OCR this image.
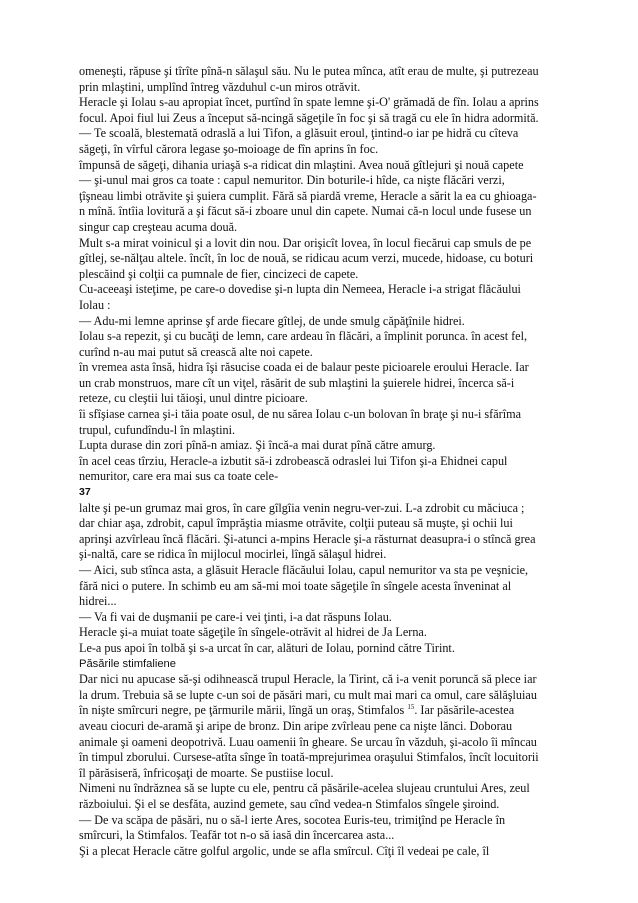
omeneşti, răpuse şi tîrîte pînă-n sălaşul său. Nu le putea mînca, atît erau de multe, şi putrezeau
prin mlaştini, umplînd întreg văzduhul c-un miros otrăvit.
Heracle şi Iolau s-au apropiat încet, purtînd în spate lemne şi-O' grămadă de fîn. Iolau a aprins
focul. Apoi fiul lui Zeus a început să-ncingă săgeţile în foc şi să tragă cu ele în hidra adormită.
— Te scoală, blestemată odraslă a lui Tifon, a glăsuit eroul, ţintind-o iar pe hidră cu cîteva
săgeţi, în vîrful cărora legase şo-moioage de fîn aprins în foc.
împunsă de săgeţi, dihania uriaşă s-a ridicat din mlaştini. Avea nouă gîtlejuri şi nouă capete
— şi-unul mai gros ca toate : capul nemuritor. Din boturile-i hîde, ca nişte flăcări verzi,
ţîşneau limbi otrăvite şi şuiera cumplit. Fără să piardă vreme, Heracle a sărit la ea cu ghioaga-
n mînă. întîia lovitură a şi făcut să-i zboare unul din capete. Numai că-n locul unde fusese un
singur cap creşteau acuma două.
Mult s-a mirat voinicul şi a lovit din nou. Dar orişicît lovea, în locul fiecărui cap smuls de pe
gîtlej, se-nălţau altele. încît, în loc de nouă, se ridicau acum verzi, mucede, hidoase, cu boturi
plescăind şi colţii ca pumnale de fier, cincizeci de capete.
Cu-aceeaşi isteţime, pe care-o dovedise şi-n lupta din Nemeea, Heracle i-a strigat flăcăului
Iolau :
— Adu-mi lemne aprinse şf arde fiecare gîtlej, de unde smulg căpăţînile hidrei.
Iolau s-a repezit, şi cu bucăţi de lemn, care ardeau în flăcări, a împlinit porunca. în acest fel,
curînd n-au mai putut să crească alte noi capete.
în vremea asta însă, hidra îşi răsucise coada ei de balaur peste picioarele eroului Heracle. Iar
un crab monstruos, mare cît un viţel, răsărit de sub mlaştini la şuierele hidrei, încerca să-i
reteze, cu cleştii lui tăioşi, unul dintre picioare.
îi sfîşiase carnea şi-i tăia poate osul, de nu sărea Iolau c-un bolovan în braţe şi nu-i sfărîma
trupul, cufundîndu-l în mlaştini.
Lupta durase din zori pînă-n amiaz. Şi încă-a mai durat pînă către amurg.
în acel ceas tîrziu, Heracle-a izbutit să-i zdrobească odraslei lui Tifon şi-a Ehidnei capul
nemuritor, care era mai sus ca toate cele-
37
lalte şi pe-un grumaz mai gros, în care gîlgîia venin negru-ver-zui. L-a zdrobit cu măciuca ;
dar chiar aşa, zdrobit, capul împrăştia miasme otrăvite, colţii puteau să muşte, şi ochii lui
aprinşi azvîrleau încă flăcări. Şi-atunci a-mpins Heracle şi-a răsturnat deasupra-i o stîncă grea
şi-naltă, care se ridica în mijlocul mocirlei, lîngă sălaşul hidrei.
— Aici, sub stînca asta, a glăsuit Heracle flăcăului Iolau, capul nemuritor va sta pe veşnicie,
fără nici o putere. In schimb eu am să-mi moi toate săgeţile în sîngele acesta înveninat al
hidrei...
— Va fi vai de duşmanii pe care-i vei ţinti, i-a dat răspuns Iolau.
Heracle şi-a muiat toate săgeţile în sîngele-otrăvit al hidrei de Ja Lerna.
Le-a pus apoi în tolbă şi s-a urcat în car, alături de Iolau, pornind către Tirint.
Păsările stimfaliene
Dar nici nu apucase să-şi odihnească trupul Heracle, la Tirint, că i-a venit poruncă să plece iar
la drum. Trebuia să se lupte c-un soi de păsări mari, cu mult mai mari ca omul, care sălăşluiau
în nişte smîrcuri negre, pe ţărmurile mării, lîngă un oraş, Stimfalos $^{15}$. Iar păsările-acestea
aveau ciocuri de-aramă şi aripe de bronz. Din aripe zvîrleau pene ca nişte lănci. Doborau
animale şi oameni deopotrivă. Luau oamenii în gheare. Se urcau în văzduh, şi-acolo îi mîncau
în timpul zborului. Cursese-atîta sînge în toată-mprejurimea oraşului Stimfalos, încît locuitorii
îl părăsiseră, înfricoşaţi de moarte. Se pustiise locul.
Nimeni nu îndrăznea să se lupte cu ele, pentru că păsările-acelea slujeau cruntului Ares, zeul
războiului. Şi el se desfăta, auzind gemete, sau cînd vedea-n Stimfalos sîngele şiroind.
— De va scăpa de păsări, nu o să-l ierte Ares, socotea Euris-teu, trimiţînd pe Heracle în
smîrcuri, la Stimfalos. Teafăr tot n-o să iasă din încercarea asta...
Şi a plecat Heracle către golful argolic, unde se afla smîrcul. Cîţi îl vedeai pe cale, îl
